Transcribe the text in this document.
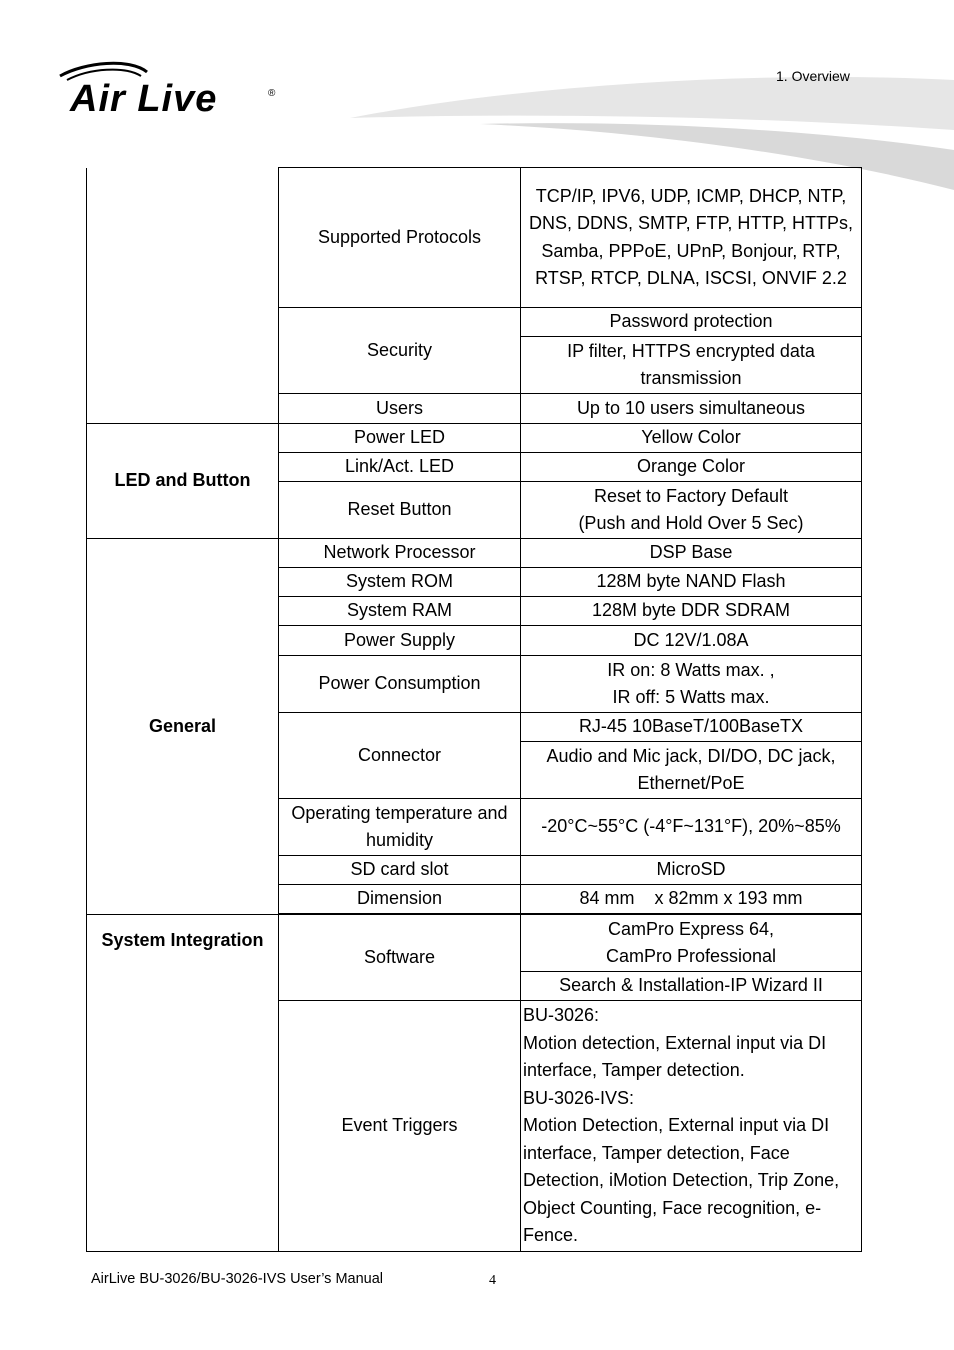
Air Live	®
1. Overview
	Supported Protocols	TCP/IP, IPV6, UDP, ICMP, DHCP, NTP, DNS, DDNS, SMTP, FTP, HTTP, HTTPs, Samba, PPPoE, UPnP, Bonjour, RTP, RTSP, RTCP, DLNA, ISCSI, ONVIF 2.2
	Security	Password protection
		IP filter, HTTPS encrypted data transmission
	Users	Up to 10 users simultaneous
LED and Button	Power LED	Yellow Color
	Link/Act. LED	Orange Color
	Reset Button	Reset to Factory Default
(Push and Hold Over 5 Sec)
General	Network Processor	DSP Base
	System ROM	128M byte NAND Flash
	System RAM	128M byte DDR SDRAM
	Power Supply	DC 12V/1.08A
	Power Consumption	IR on: 8 Watts max. ,
IR off: 5 Watts max.
	Connector	RJ-45 10BaseT/100BaseTX
		Audio and Mic jack, DI/DO, DC jack, Ethernet/PoE
	Operating temperature and humidity	-20°C~55°C (-4°F~131°F), 20%~85%
	SD card slot	MicroSD
	Dimension	84 mm    x 82mm x 193 mm

System Integration	Software	CamPro Express 64,
CamPro Professional
		Search & Installation-IP Wizard II
	Event Triggers	BU-3026:
Motion detection, External input via DI interface, Tamper detection.
BU-3026-IVS:
Motion Detection, External input via DI interface, Tamper detection, Face Detection, iMotion Detection, Trip Zone, Object Counting, Face recognition, e-Fence.
AirLive BU-3026/BU-3026-IVS User’s Manual	4
